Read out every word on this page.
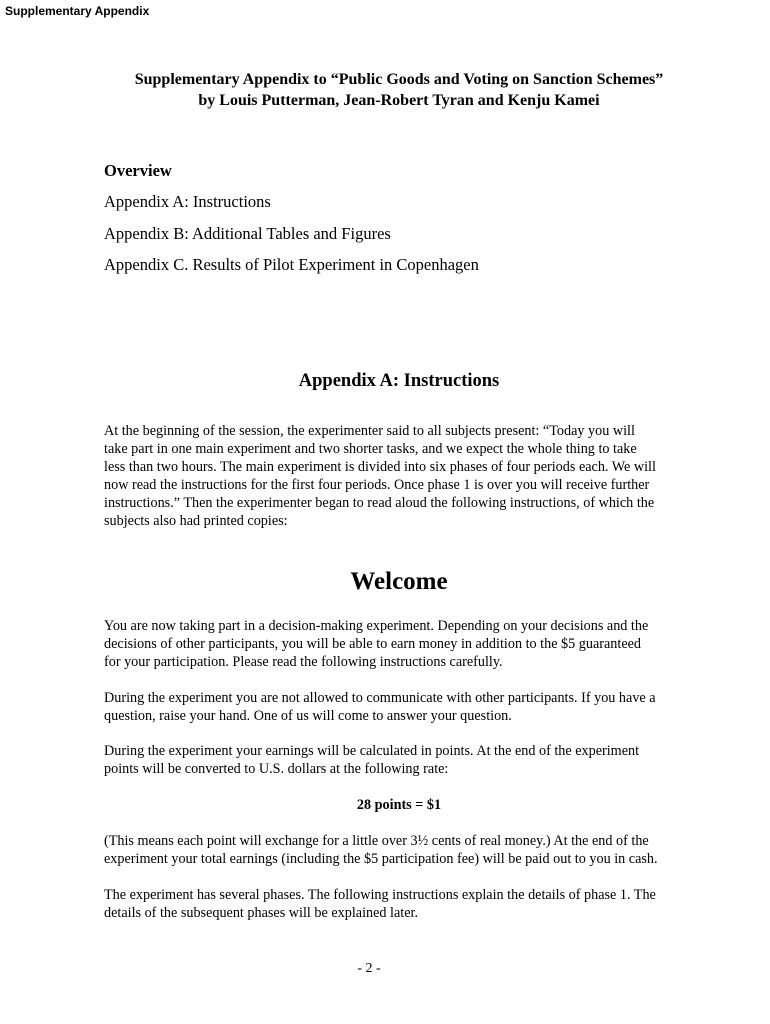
Supplementary Appendix
Supplementary Appendix to “Public Goods and Voting on Sanction Schemes”
by Louis Putterman, Jean-Robert Tyran and Kenju Kamei
Overview
Appendix A: Instructions
Appendix B: Additional Tables and Figures
Appendix C. Results of Pilot Experiment in Copenhagen
Appendix A: Instructions

At the beginning of the session, the experimenter said to all subjects present: “Today you will
take part in one main experiment and two shorter tasks, and we expect the whole thing to take
less than two hours. The main experiment is divided into six phases of four periods each. We will
now read the instructions for the first four periods. Once phase 1 is over you will receive further
instructions.” Then the experimenter began to read aloud the following instructions, of which the
subjects also had printed copies:

Welcome

You are now taking part in a decision-making experiment. Depending on your decisions and the
decisions of other participants, you will be able to earn money in addition to the $5 guaranteed
for your participation. Please read the following instructions carefully.

During the experiment you are not allowed to communicate with other participants. If you have a
question, raise your hand. One of us will come to answer your question.

During the experiment your earnings will be calculated in points. At the end of the experiment
points will be converted to U.S. dollars at the following rate:

28 points = $1

(This means each point will exchange for a little over 3½ cents of real money.) At the end of the
experiment your total earnings (including the $5 participation fee) will be paid out to you in cash.

The experiment has several phases. The following instructions explain the details of phase 1. The
details of the subsequent phases will be explained later.

- 2 -
